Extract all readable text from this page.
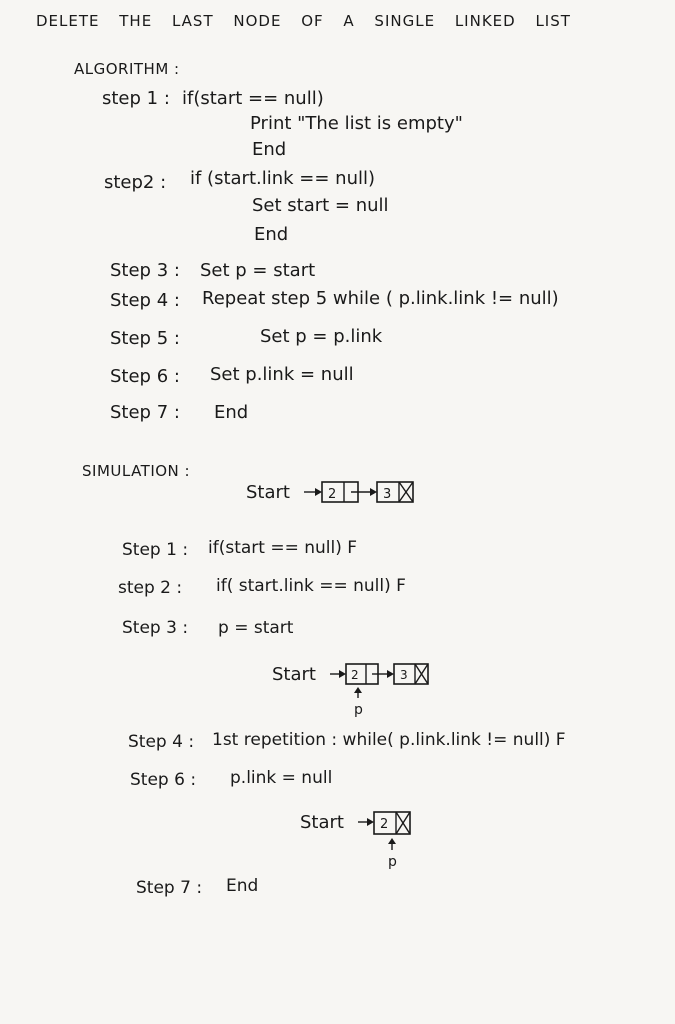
DELETE THE LAST NODE OF A SINGLE LINKED LIST
ALGORITHM :
step 1 : if(start == null)
Print "The list is empty"
End
step2 : if (start.link == null)
Set start = null
End
Step 3 : Set p = start
Step 4 : Repeat step 5 while ( p.link.link != null)
Step 5 :	Set p = p.link
Step 6 : Set p.link = null
Step 7 : End
SIMULATION :
Start	2	3
Step 1 : if(start == null) F
step 2 : if( start.link == null) F
Step 3 : p = start
Start	2	3
p
Step 4 : 1st repetition : while( p.link.link != null) F
Step 6 : p.link = null
Start	2
p
Step 7 : End
